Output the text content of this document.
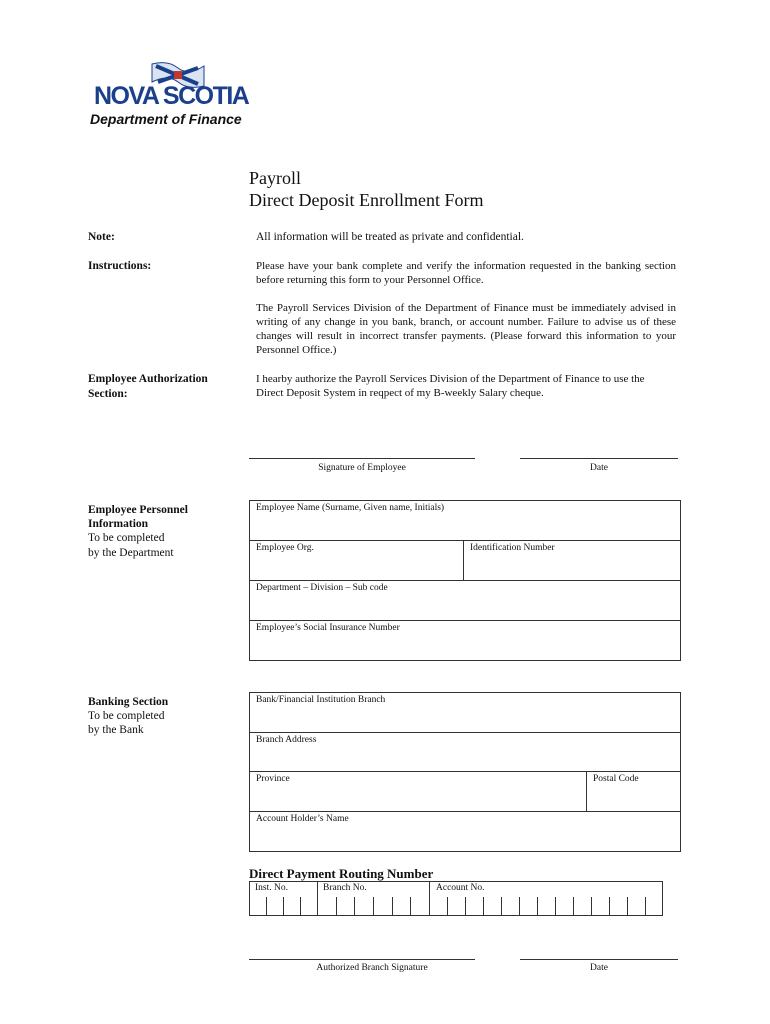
NOVA SCOTIA
Department of Finance
Payroll
Direct Deposit Enrollment Form
Note:	All information will be treated as private and confidential.
Instructions:	Please have your bank complete and verify the information requested in the banking section before returning this form to your Personnel Office.
The Payroll Services Division of the Department of Finance must be immediately advised in writing of any change in you bank, branch, or account number. Failure to advise us of these changes will result in incorrect transfer payments. (Please forward this information to your Personnel Office.)
Employee Authorization
Section:
I hearby authorize the Payroll Services Division of the Department of Finance to use the Direct Deposit System in reqpect of my B-weekly Salary cheque.
Signature of Employee	Date
Employee Personnel
Information
To be completed
by the Department
Employee Name (Surname, Given name, Initials)
Employee Org.	Identification Number
Department – Division – Sub code
Employee’s Social Insurance Number
Banking Section
To be completed
by the Bank
Bank/Financial Institution Branch
Branch Address
Province	Postal Code
Account Holder’s Name
Direct Payment Routing Number
Inst. No.	Branch No.	Account No.
Authorized Branch Signature	Date
